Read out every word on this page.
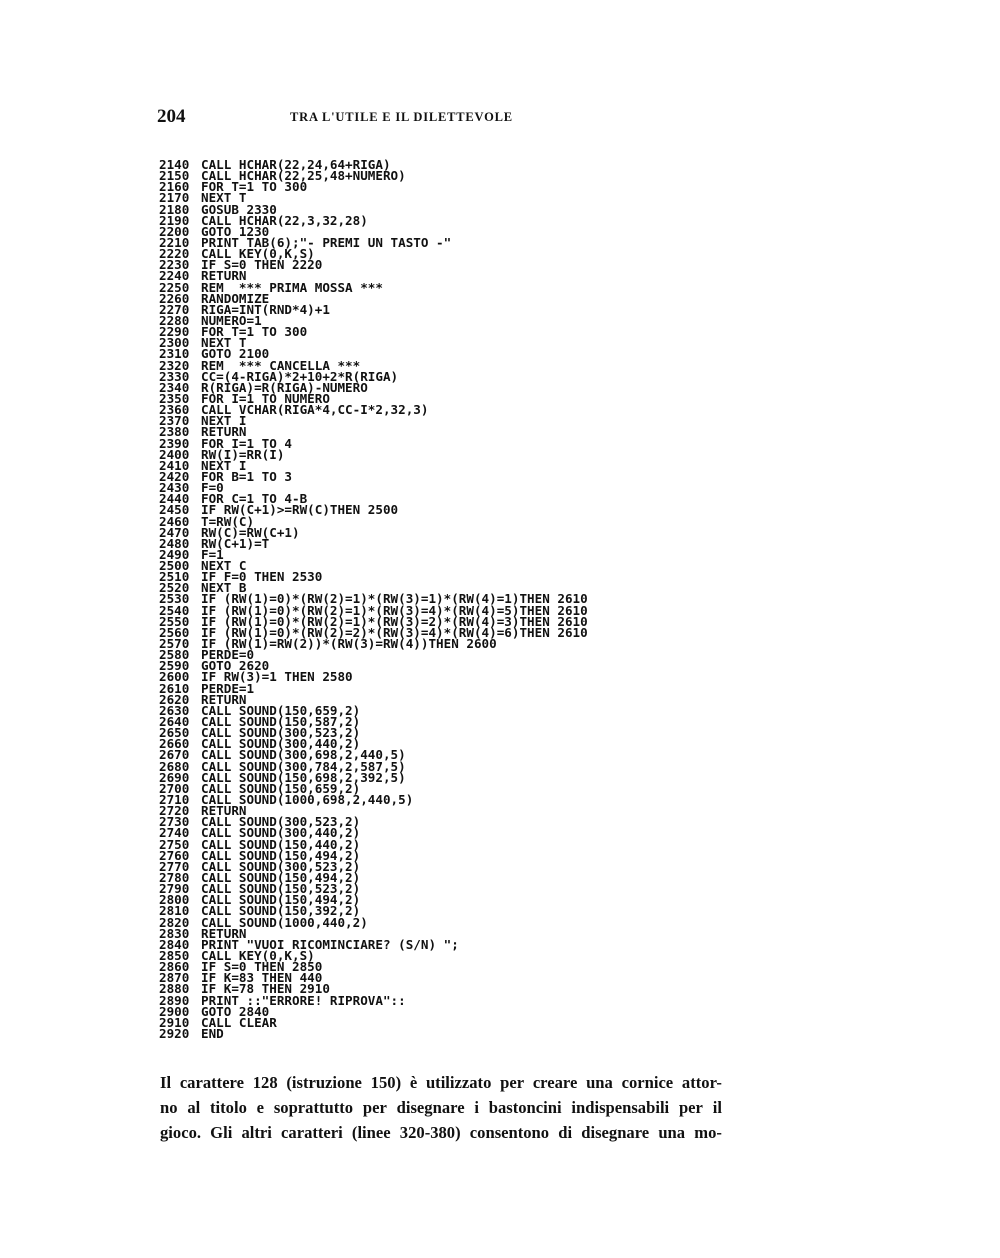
204	TRA L'UTILE E IL DILETTEVOLE
2140 CALL HCHAR(22,24,64+RIGA)
2150 CALL HCHAR(22,25,48+NUMERO)
2160 FOR T=1 TO 300
2170 NEXT T
2180 GOSUB 2330
2190 CALL HCHAR(22,3,32,28)
2200 GOTO 1230
2210 PRINT TAB(6);"- PREMI UN TASTO -"
2220 CALL KEY(0,K,S)
2230 IF S=0 THEN 2220
2240 RETURN
2250 REM  *** PRIMA MOSSA ***
2260 RANDOMIZE
2270 RIGA=INT(RND*4)+1
2280 NUMERO=1
2290 FOR T=1 TO 300
2300 NEXT T
2310 GOTO 2100
2320 REM  *** CANCELLA ***
2330 CC=(4-RIGA)*2+10+2*R(RIGA)
2340 R(RIGA)=R(RIGA)-NUMERO
2350 FOR I=1 TO NUMERO
2360 CALL VCHAR(RIGA*4,CC-I*2,32,3)
2370 NEXT I
2380 RETURN
2390 FOR I=1 TO 4
2400 RW(I)=RR(I)
2410 NEXT I
2420 FOR B=1 TO 3
2430 F=0
2440 FOR C=1 TO 4-B
2450 IF RW(C+1)>=RW(C)THEN 2500
2460 T=RW(C)
2470 RW(C)=RW(C+1)
2480 RW(C+1)=T
2490 F=1
2500 NEXT C
2510 IF F=0 THEN 2530
2520 NEXT B
2530 IF (RW(1)=0)*(RW(2)=1)*(RW(3)=1)*(RW(4)=1)THEN 2610
2540 IF (RW(1)=0)*(RW(2)=1)*(RW(3)=4)*(RW(4)=5)THEN 2610
2550 IF (RW(1)=0)*(RW(2)=1)*(RW(3)=2)*(RW(4)=3)THEN 2610
2560 IF (RW(1)=0)*(RW(2)=2)*(RW(3)=4)*(RW(4)=6)THEN 2610
2570 IF (RW(1)=RW(2))*(RW(3)=RW(4))THEN 2600
2580 PERDE=0
2590 GOTO 2620
2600 IF RW(3)=1 THEN 2580
2610 PERDE=1
2620 RETURN
2630 CALL SOUND(150,659,2)
2640 CALL SOUND(150,587,2)
2650 CALL SOUND(300,523,2)
2660 CALL SOUND(300,440,2)
2670 CALL SOUND(300,698,2,440,5)
2680 CALL SOUND(300,784,2,587,5)
2690 CALL SOUND(150,698,2,392,5)
2700 CALL SOUND(150,659,2)
2710 CALL SOUND(1000,698,2,440,5)
2720 RETURN
2730 CALL SOUND(300,523,2)
2740 CALL SOUND(300,440,2)
2750 CALL SOUND(150,440,2)
2760 CALL SOUND(150,494,2)
2770 CALL SOUND(300,523,2)
2780 CALL SOUND(150,494,2)
2790 CALL SOUND(150,523,2)
2800 CALL SOUND(150,494,2)
2810 CALL SOUND(150,392,2)
2820 CALL SOUND(1000,440,2)
2830 RETURN
2840 PRINT "VUOI RICOMINCIARE? (S/N) ";
2850 CALL KEY(0,K,S)
2860 IF S=0 THEN 2850
2870 IF K=83 THEN 440
2880 IF K=78 THEN 2910
2890 PRINT ::"ERRORE! RIPROVA"::
2900 GOTO 2840
2910 CALL CLEAR
2920 END
Il carattere 128 (istruzione 150) è utilizzato per creare una cornice attor-
no al titolo e soprattutto per disegnare i bastoncini indispensabili per il
gioco. Gli altri caratteri (linee 320-380) consentono di disegnare una mo-
